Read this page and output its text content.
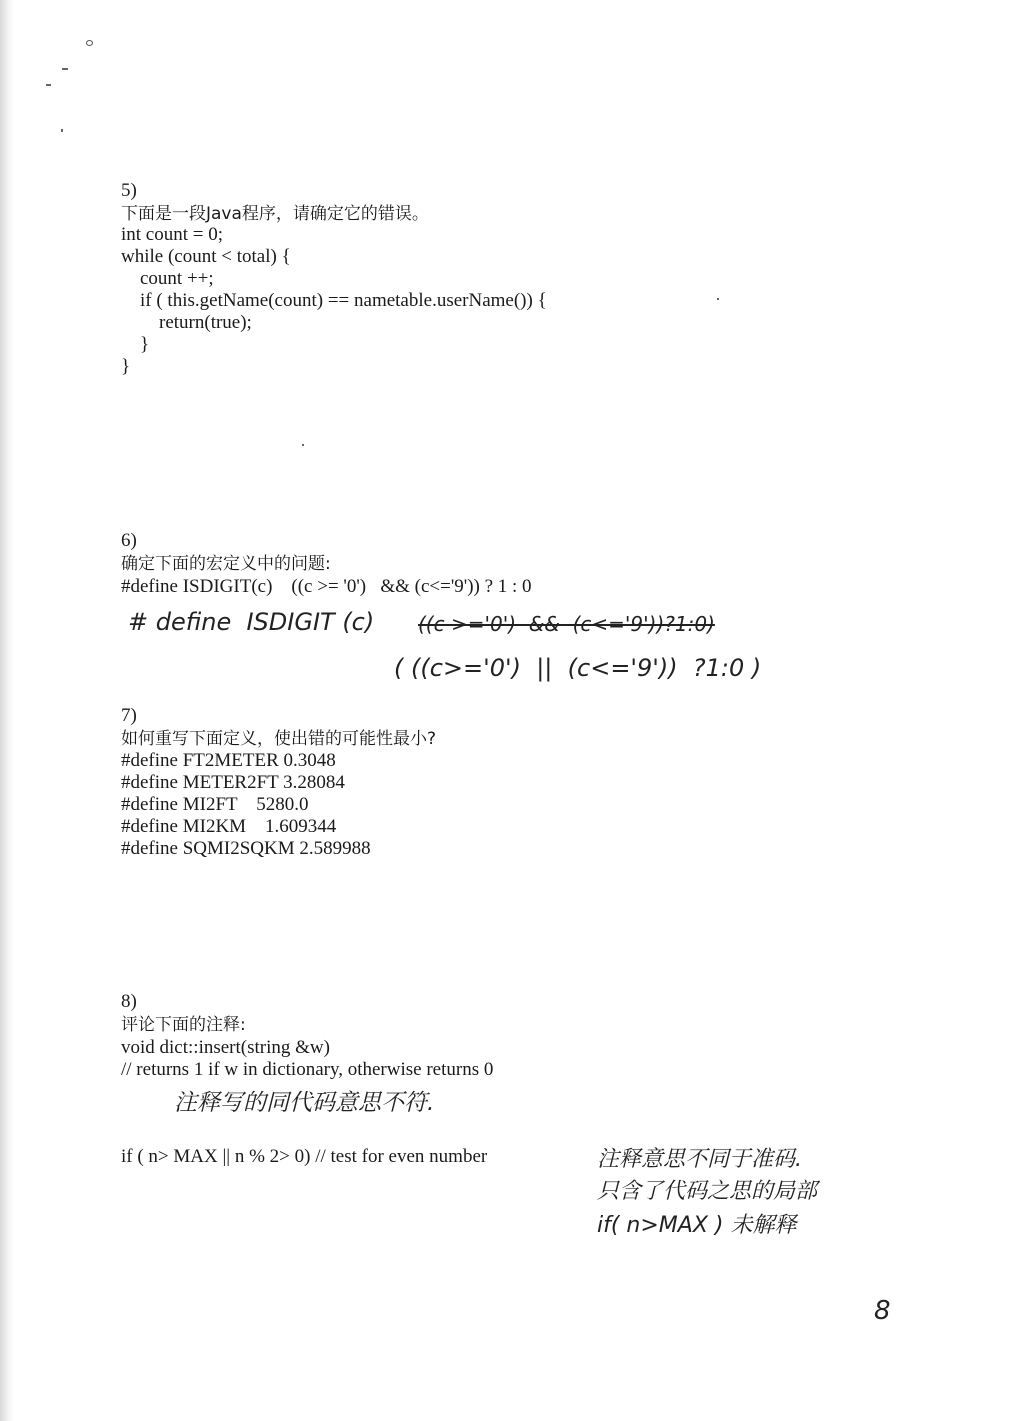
5)
下面是一段Java程序，请确定它的错误。
int count = 0;
while (count < total) {
count ++;
if ( this.getName(count) == nametable.userName()) {
return(true);
}
}
6)
确定下面的宏定义中的问题:
#define ISDIGIT(c)    ((c >= '0')   && (c<='9')) ? 1 : 0
# define  ISDIGIT (c) ((c >='0')  &&  (c<='9'))?1:0)
( ((c>='0')  ||  (c<='9'))  ?1:0 )
7)
如何重写下面定义，使出错的可能性最小?
#define FT2METER 0.3048
#define METER2FT 3.28084
#define MI2FT    5280.0
#define MI2KM    1.609344
#define SQMI2SQKM 2.589988
8)
评论下面的注释:
void dict::insert(string &w)
// returns 1 if w in dictionary, otherwise returns 0
注释写的同代码意思不符.
if ( n> MAX || n % 2> 0) // test for even number	注释意思不同于准码.
只含了代码之思的局部
if( n>MAX ) 未解释
8
